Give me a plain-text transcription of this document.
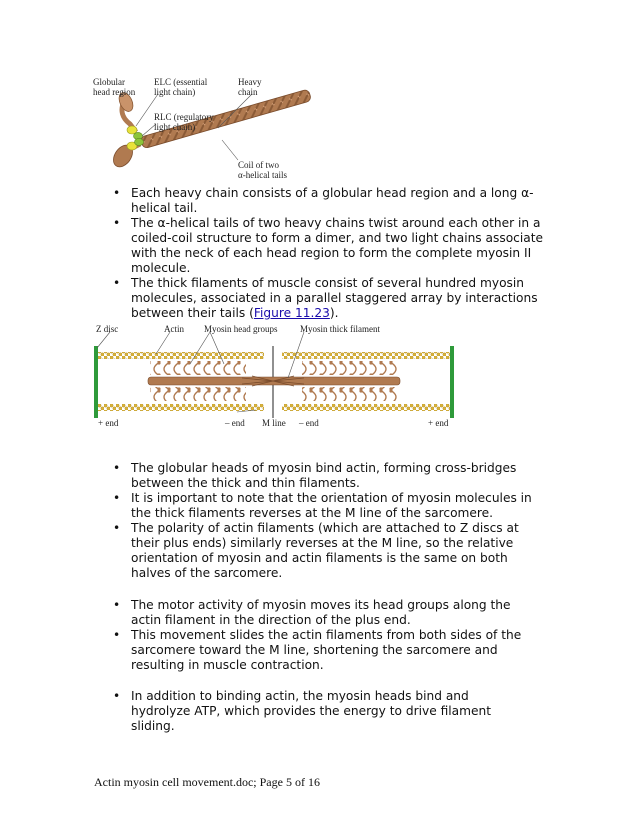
Globular
head region
ELC (essential
light chain)
Heavy
chain
RLC (regulatory
light chain)
Coil of two
α-helical tails
• Each heavy chain consists of a globular head region and a long α-helical tail.
• The α-helical tails of two heavy chains twist around each other in a coiled-coil structure to form a dimer, and two light chains associate with the neck of each head region to form the complete myosin II molecule.
• The thick filaments of muscle consist of several hundred myosin molecules, associated in a parallel staggered array by interactions between their tails (Figure 11.23).
Z disc	Actin Myosin head groups	Myosin thick filament
+ end	– end M line – end	+ end
• The globular heads of myosin bind actin, forming cross-bridges between the thick and thin filaments.
• It is important to note that the orientation of myosin molecules in the thick filaments reverses at the M line of the sarcomere.
• The polarity of actin filaments (which are attached to Z discs at their plus ends) similarly reverses at the M line, so the relative orientation of myosin and actin filaments is the same on both halves of the sarcomere.
• The motor activity of myosin moves its head groups along the actin filament in the direction of the plus end.
• This movement slides the actin filaments from both sides of the sarcomere toward the M line, shortening the sarcomere and resulting in muscle contraction.
• In addition to binding actin, the myosin heads bind and hydrolyze ATP, which provides the energy to drive filament sliding.
Actin myosin cell movement.doc; Page 5 of 16
